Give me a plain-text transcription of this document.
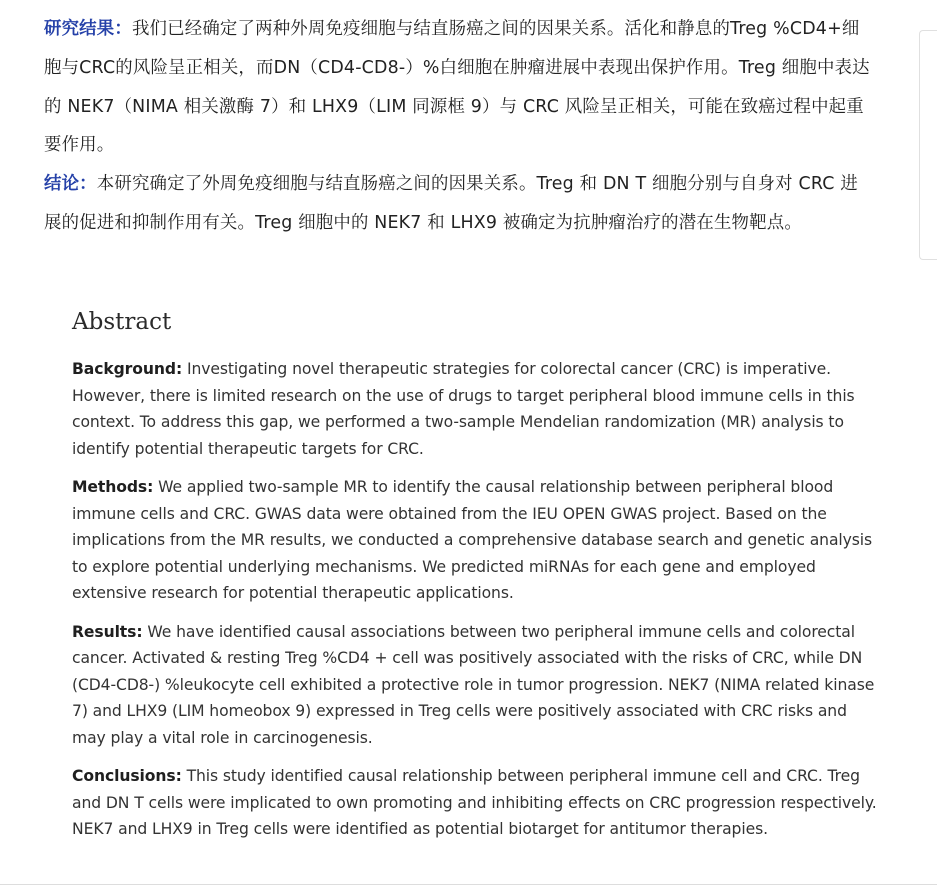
研究结果：我们已经确定了两种外周免疫细胞与结直肠癌之间的因果关系。活化和静息的Treg %CD4+细胞与CRC的风险呈正相关，而DN（CD4-CD8-）%白细胞在肿瘤进展中表现出保护作用。Treg 细胞中表达的 NEK7（NIMA 相关激酶 7）和 LHX9（LIM 同源框 9）与 CRC 风险呈正相关，可能在致癌过程中起重要作用。

结论：本研究确定了外周免疫细胞与结直肠癌之间的因果关系。Treg 和 DN T 细胞分别与自身对 CRC 进展的促进和抑制作用有关。Treg 细胞中的 NEK7 和 LHX9 被确定为抗肿瘤治疗的潜在生物靶点。

Abstract

Background: Investigating novel therapeutic strategies for colorectal cancer (CRC) is imperative. However, there is limited research on the use of drugs to target peripheral blood immune cells in this context. To address this gap, we performed a two-sample Mendelian randomization (MR) analysis to identify potential therapeutic targets for CRC.

Methods: We applied two-sample MR to identify the causal relationship between peripheral blood immune cells and CRC. GWAS data were obtained from the IEU OPEN GWAS project. Based on the implications from the MR results, we conducted a comprehensive database search and genetic analysis to explore potential underlying mechanisms. We predicted miRNAs for each gene and employed extensive research for potential therapeutic applications.

Results: We have identified causal associations between two peripheral immune cells and colorectal cancer. Activated & resting Treg %CD4 + cell was positively associated with the risks of CRC, while DN (CD4-CD8-) %leukocyte cell exhibited a protective role in tumor progression. NEK7 (NIMA related kinase 7) and LHX9 (LIM homeobox 9) expressed in Treg cells were positively associated with CRC risks and may play a vital role in carcinogenesis.

Conclusions: This study identified causal relationship between peripheral immune cell and CRC. Treg and DN T cells were implicated to own promoting and inhibiting effects on CRC progression respectively. NEK7 and LHX9 in Treg cells were identified as potential biotarget for antitumor therapies.
